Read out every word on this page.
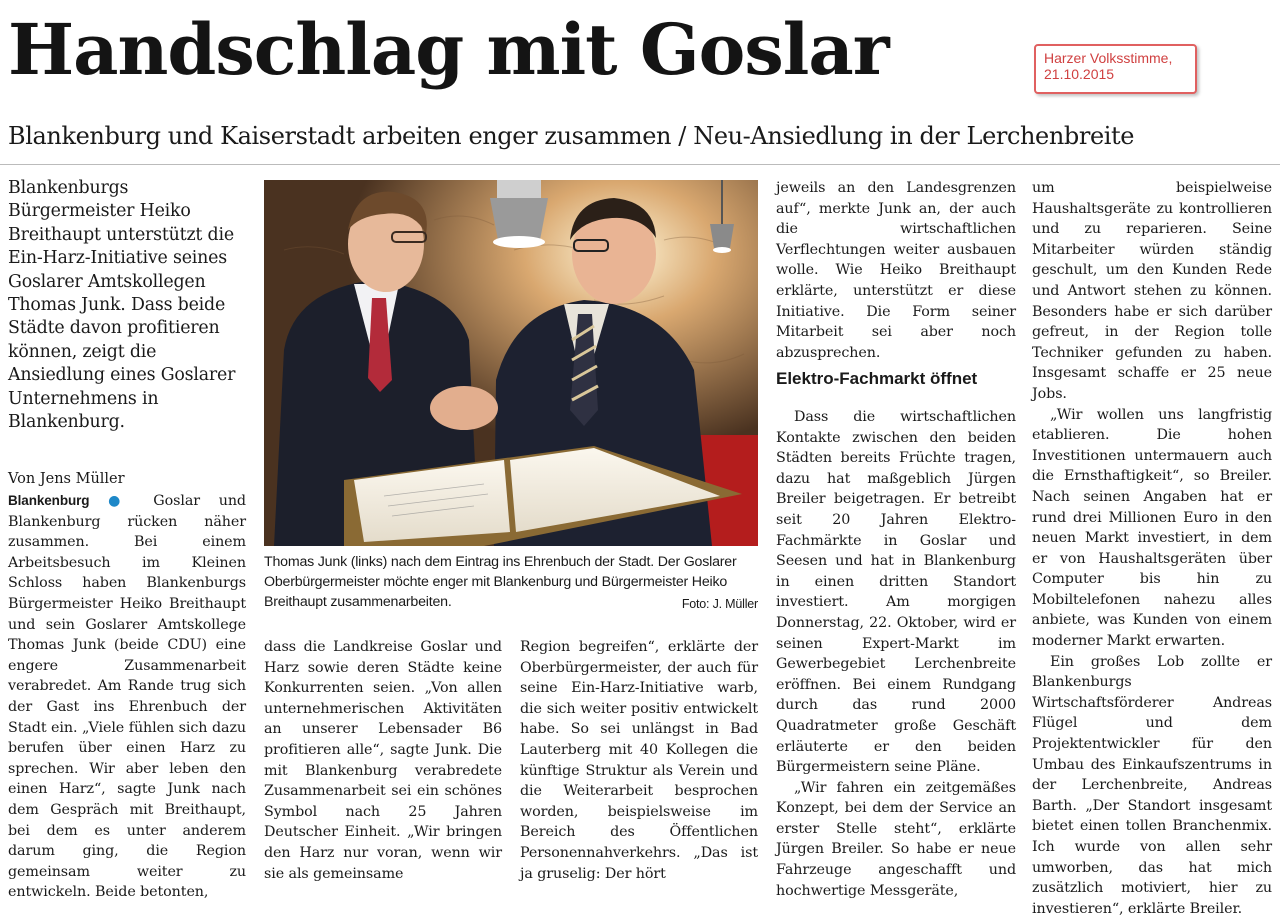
Handschlag mit Goslar	Harzer Volksstimme,
21.10.2015
Blankenburg und Kaiserstadt arbeiten enger zusammen / Neu-Ansiedlung in der Lerchenbreite
Blankenburgs Bürgermeister Heiko Breithaupt unterstützt die Ein-Harz-Initiative seines Goslarer Amtskollegen Thomas Junk. Dass beide Städte davon profitieren können, zeigt die Ansiedlung eines Goslarer Unternehmens in Blankenburg.
Von Jens Müller

Blankenburg ● Goslar und Blankenburg rücken näher zusammen. Bei einem Arbeitsbesuch im Kleinen Schloss haben Blankenburgs Bürgermeister Heiko Breithaupt und sein Goslarer Amtskollege Thomas Junk (beide CDU) eine engere Zusammenarbeit verabredet. Am Rande trug sich der Gast ins Ehrenbuch der Stadt ein. „Viele fühlen sich dazu berufen über einen Harz zu sprechen. Wir aber leben den einen Harz“, sagte Junk nach dem Gespräch mit Breithaupt, bei dem es unter anderem darum ging, die Region gemeinsam weiter zu entwickeln. Beide betonten,

Thomas Junk (links) nach dem Eintrag ins Ehrenbuch der Stadt. Der Goslarer Oberbürgermeister möchte enger mit Blankenburg und Bürgermeister Heiko Breithaupt zusammenarbeiten.	Foto: J. Müller

dass die Landkreise Goslar und Harz sowie deren Städte keine Konkurrenten seien. „Von allen unternehmerischen Aktivitäten an unserer Lebensader B6 profitieren alle“, sagte Junk. Die mit Blankenburg verabredete Zusammenarbeit sei ein schönes Symbol nach 25 Jahren Deutscher Einheit. „Wir bringen den Harz nur voran, wenn wir sie als gemeinsame

Region begreifen“, erklärte der Oberbürgermeister, der auch für seine Ein-Harz-Initiative warb, die sich weiter positiv entwickelt habe. So sei unlängst in Bad Lauterberg mit 40 Kollegen die künftige Struktur als Verein und die Weiterarbeit besprochen worden, beispielsweise im Bereich des Öffentlichen Personennahverkehrs. „Das ist ja gruselig: Der hört

jeweils an den Landesgrenzen auf“, merkte Junk an, der auch die wirtschaftlichen Verflechtungen weiter ausbauen wolle. Wie Heiko Breithaupt erklärte, unterstützt er diese Initiative. Die Form seiner Mitarbeit sei aber noch abzusprechen.

Elektro-Fachmarkt öffnet

Dass die wirtschaftlichen Kontakte zwischen den beiden Städten bereits Früchte tragen, dazu hat maßgeblich Jürgen Breiler beigetragen. Er betreibt seit 20 Jahren Elektro-Fachmärkte in Goslar und Seesen und hat in Blankenburg in einen dritten Standort investiert. Am morgigen Donnerstag, 22. Oktober, wird er seinen Expert-Markt im Gewerbegebiet Lerchenbreite eröffnen. Bei einem Rundgang durch das rund 2000 Quadratmeter große Geschäft erläuterte er den beiden Bürgermeistern seine Pläne.

„Wir fahren ein zeitgemäßes Konzept, bei dem der Service an erster Stelle steht“, erklärte Jürgen Breiler. So habe er neue Fahrzeuge angeschafft und hochwertige Messgeräte,

um beispielweise Haushaltsgeräte zu kontrollieren und zu reparieren. Seine Mitarbeiter würden ständig geschult, um den Kunden Rede und Antwort stehen zu können. Besonders habe er sich darüber gefreut, in der Region tolle Techniker gefunden zu haben. Insgesamt schaffe er 25 neue Jobs.

„Wir wollen uns langfristig etablieren. Die hohen Investitionen untermauern auch die Ernsthaftigkeit“, so Breiler. Nach seinen Angaben hat er rund drei Millionen Euro in den neuen Markt investiert, in dem er von Haushaltsgeräten über Computer bis hin zu Mobiltelefonen nahezu alles anbiete, was Kunden von einem moderner Markt erwarten.

Ein großes Lob zollte er Blankenburgs Wirtschaftsförderer Andreas Flügel und dem Projektentwickler für den Umbau des Einkaufszentrums in der Lerchenbreite, Andreas Barth. „Der Standort insgesamt bietet einen tollen Branchenmix. Ich wurde von allen sehr umworben, das hat mich zusätzlich motiviert, hier zu investieren“, erklärte Breiler.
